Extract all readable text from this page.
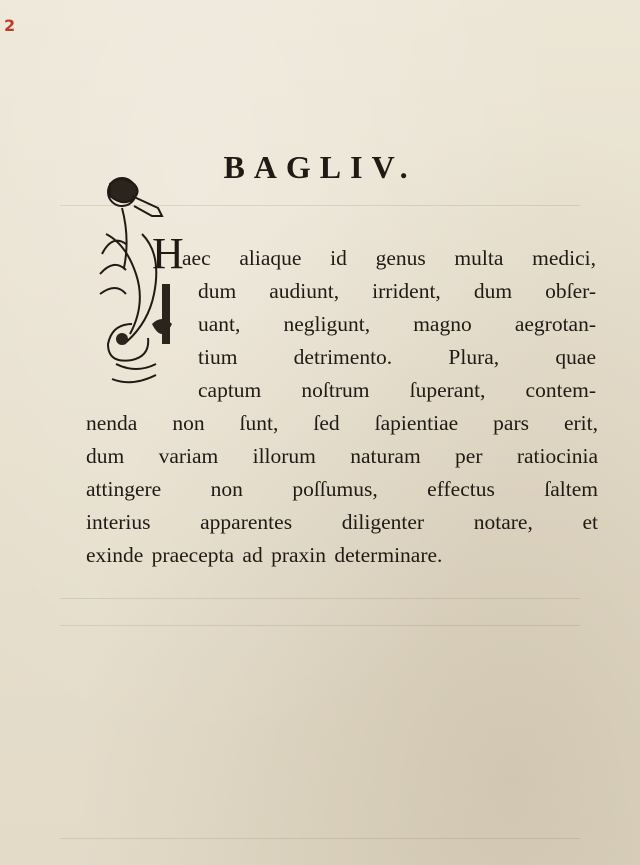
2
BAGLIV.
H
aec aliaque id genus multa medici,
dum audiunt, irrident, dum obſer-
uant, negligunt, magno aegrotan-
tium detrimento. Plura, quae
captum noſtrum ſuperant, contem-
nenda non ſunt, ſed ſapientiae pars erit,
dum variam illorum naturam per ratiocinia
attingere non poſſumus, effectus ſaltem
interius apparentes diligenter notare, et
exinde praecepta ad praxin determinare.
